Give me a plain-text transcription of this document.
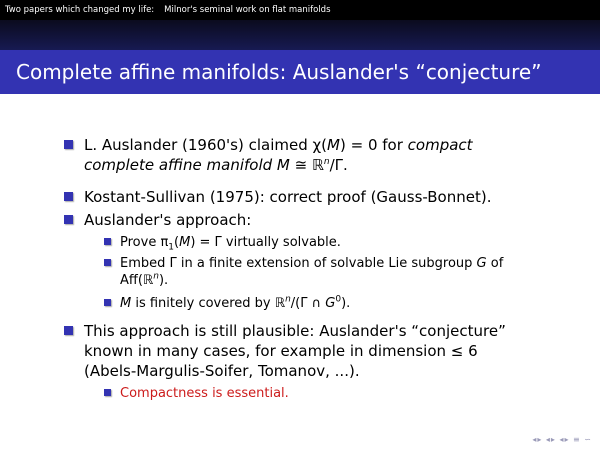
Two papers which changed my life: Milnor's seminal work on flat manifolds
Complete affine manifolds: Auslander's “conjecture”
L. Auslander (1960's) claimed χ(M) = 0 for compact
complete affine manifold M ≅ ℝ$^n$/Γ.
Kostant-Sullivan (1975): correct proof (Gauss-Bonnet).
Auslander's approach:
Prove $\pi_1(M) = \Gamma$ virtually solvable.
Embed Γ in a finite extension of solvable Lie subgroup G of
Aff(ℝ$^n$).
M is finitely covered by ℝ$^n$/(Γ ∩ $G^0$).
This approach is still plausible: Auslander's “conjecture”
known in many cases, for example in dimension ≤ 6
(Abels-Margulis-Soifer, Tomanov, ...).
Compactness is essential.
◂▸ ◂▸ ◂▸ ≡ ∽
